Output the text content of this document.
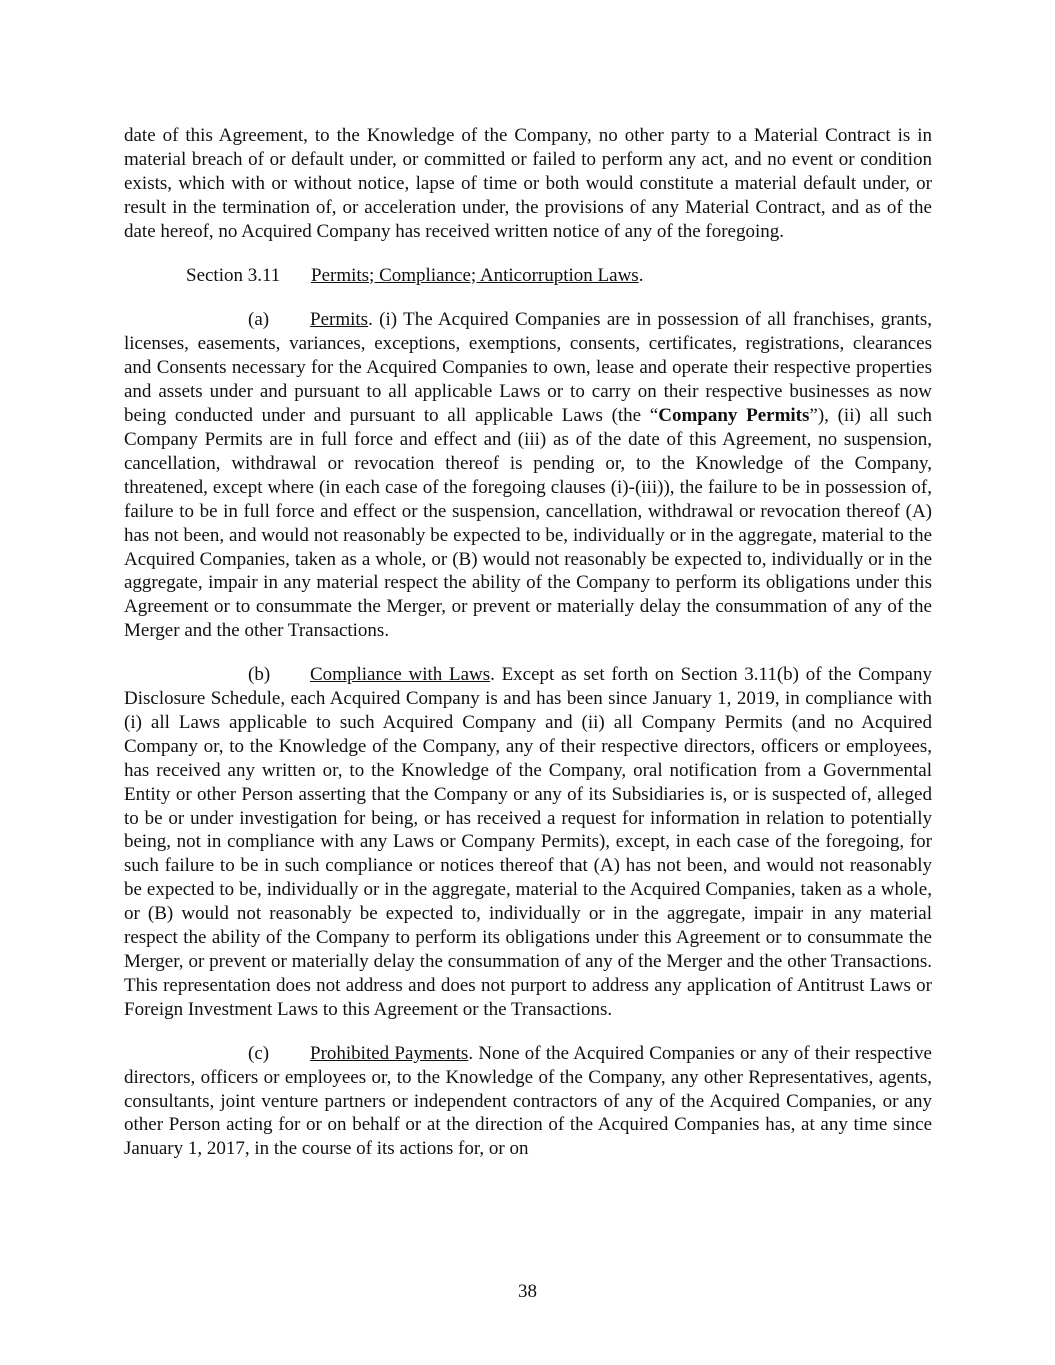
date of this Agreement, to the Knowledge of the Company, no other party to a Material Contract is in material breach of or default under, or committed or failed to perform any act, and no event or condition exists, which with or without notice, lapse of time or both would constitute a material default under, or result in the termination of, or acceleration under, the provisions of any Material Contract, and as of the date hereof, no Acquired Company has received written notice of any of the foregoing.

Section 3.11 Permits; Compliance; Anticorruption Laws.

(a) Permits. (i) The Acquired Companies are in possession of all franchises, grants, licenses, easements, variances, exceptions, exemptions, consents, certificates, registrations, clearances and Consents necessary for the Acquired Companies to own, lease and operate their respective properties and assets under and pursuant to all applicable Laws or to carry on their respective businesses as now being conducted under and pursuant to all applicable Laws (the “Company Permits”), (ii) all such Company Permits are in full force and effect and (iii) as of the date of this Agreement, no suspension, cancellation, withdrawal or revocation thereof is pending or, to the Knowledge of the Company, threatened, except where (in each case of the foregoing clauses (i)-(iii)), the failure to be in possession of, failure to be in full force and effect or the suspension, cancellation, withdrawal or revocation thereof (A) has not been, and would not reasonably be expected to be, individually or in the aggregate, material to the Acquired Companies, taken as a whole, or (B) would not reasonably be expected to, individually or in the aggregate, impair in any material respect the ability of the Company to perform its obligations under this Agreement or to consummate the Merger, or prevent or materially delay the consummation of any of the Merger and the other Transactions.

(b) Compliance with Laws. Except as set forth on Section 3.11(b) of the Company Disclosure Schedule, each Acquired Company is and has been since January 1, 2019, in compliance with (i) all Laws applicable to such Acquired Company and (ii) all Company Permits (and no Acquired Company or, to the Knowledge of the Company, any of their respective directors, officers or employees, has received any written or, to the Knowledge of the Company, oral notification from a Governmental Entity or other Person asserting that the Company or any of its Subsidiaries is, or is suspected of, alleged to be or under investigation for being, or has received a request for information in relation to potentially being, not in compliance with any Laws or Company Permits), except, in each case of the foregoing, for such failure to be in such compliance or notices thereof that (A) has not been, and would not reasonably be expected to be, individually or in the aggregate, material to the Acquired Companies, taken as a whole, or (B) would not reasonably be expected to, individually or in the aggregate, impair in any material respect the ability of the Company to perform its obligations under this Agreement or to consummate the Merger, or prevent or materially delay the consummation of any of the Merger and the other Transactions. This representation does not address and does not purport to address any application of Antitrust Laws or Foreign Investment Laws to this Agreement or the Transactions.

(c) Prohibited Payments. None of the Acquired Companies or any of their respective directors, officers or employees or, to the Knowledge of the Company, any other Representatives, agents, consultants, joint venture partners or independent contractors of any of the Acquired Companies, or any other Person acting for or on behalf or at the direction of the Acquired Companies has, at any time since January 1, 2017, in the course of its actions for, or on

38
